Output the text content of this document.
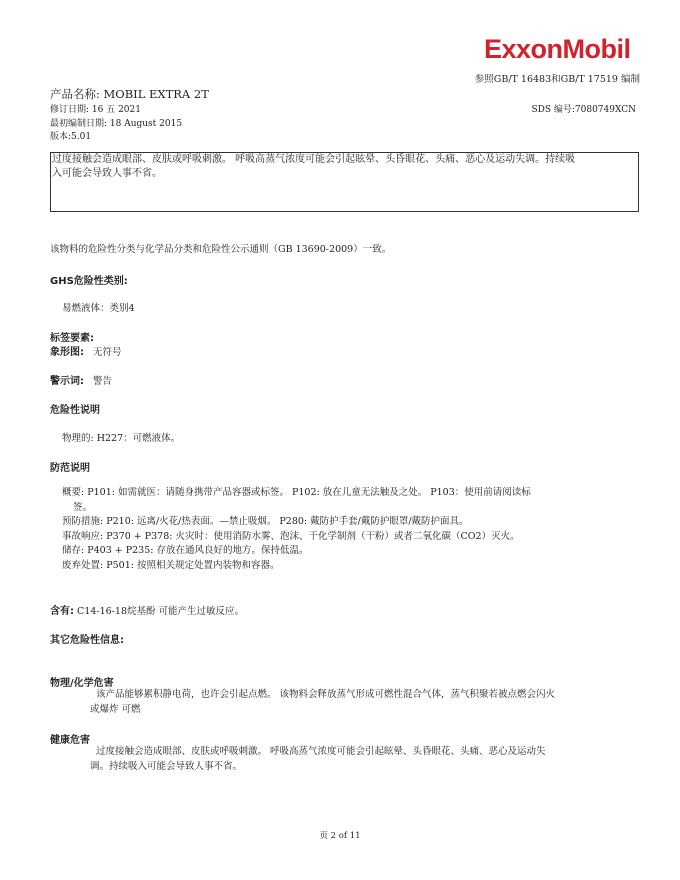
ExxonMobil
参照GB/T 16483和GB/T 17519 编制
产品名称: MOBIL EXTRA 2T
修订日期: 16 五 2021	SDS 编号:7080749XCN
最初编制日期: 18 August 2015
版本:5.01
过度接触会造成眼部、皮肤或呼吸刺激。 呼吸高蒸气浓度可能会引起眩晕、头昏眼花、头痛、恶心及运动失调。持续吸
入可能会导致人事不省。
该物料的危险性分类与化学品分类和危险性公示通则（GB 13690-2009）一致。
GHS危险性类别:
易燃液体：类别4
标签要素:
象形图: 无符号
警示词: 警告
危险性说明
物理的: H227：可燃液体。
防范说明
概要: P101: 如需就医：请随身携带产品容器或标签。 P102: 放在儿童无法触及之处。 P103：使用前请阅读标
签。
预防措施: P210: 远离/火花/热表面。—禁止吸烟。 P280: 戴防护手套/戴防护眼罩/戴防护面具。
事故响应: P370 + P378: 火灾时：使用消防水雾、泡沫、干化学制剂（干粉）或者二氧化碳（CO2）灭火。
储存: P403 + P235: 存放在通风良好的地方。保持低温。
废弃处置: P501: 按照相关规定处置内装物和容器。
含有: C14-16-18烷基酚 可能产生过敏反应。
其它危险性信息:
物理/化学危害
该产品能够累积静电荷，也许会引起点燃。 该物料会释放蒸气形成可燃性混合气体，蒸气积聚若被点燃会闪火
或爆炸 可燃
健康危害
过度接触会造成眼部、皮肤或呼吸刺激。 呼吸高蒸气浓度可能会引起眩晕、头昏眼花、头痛、恶心及运动失
调。持续吸入可能会导致人事不省。
页 2 of 11
